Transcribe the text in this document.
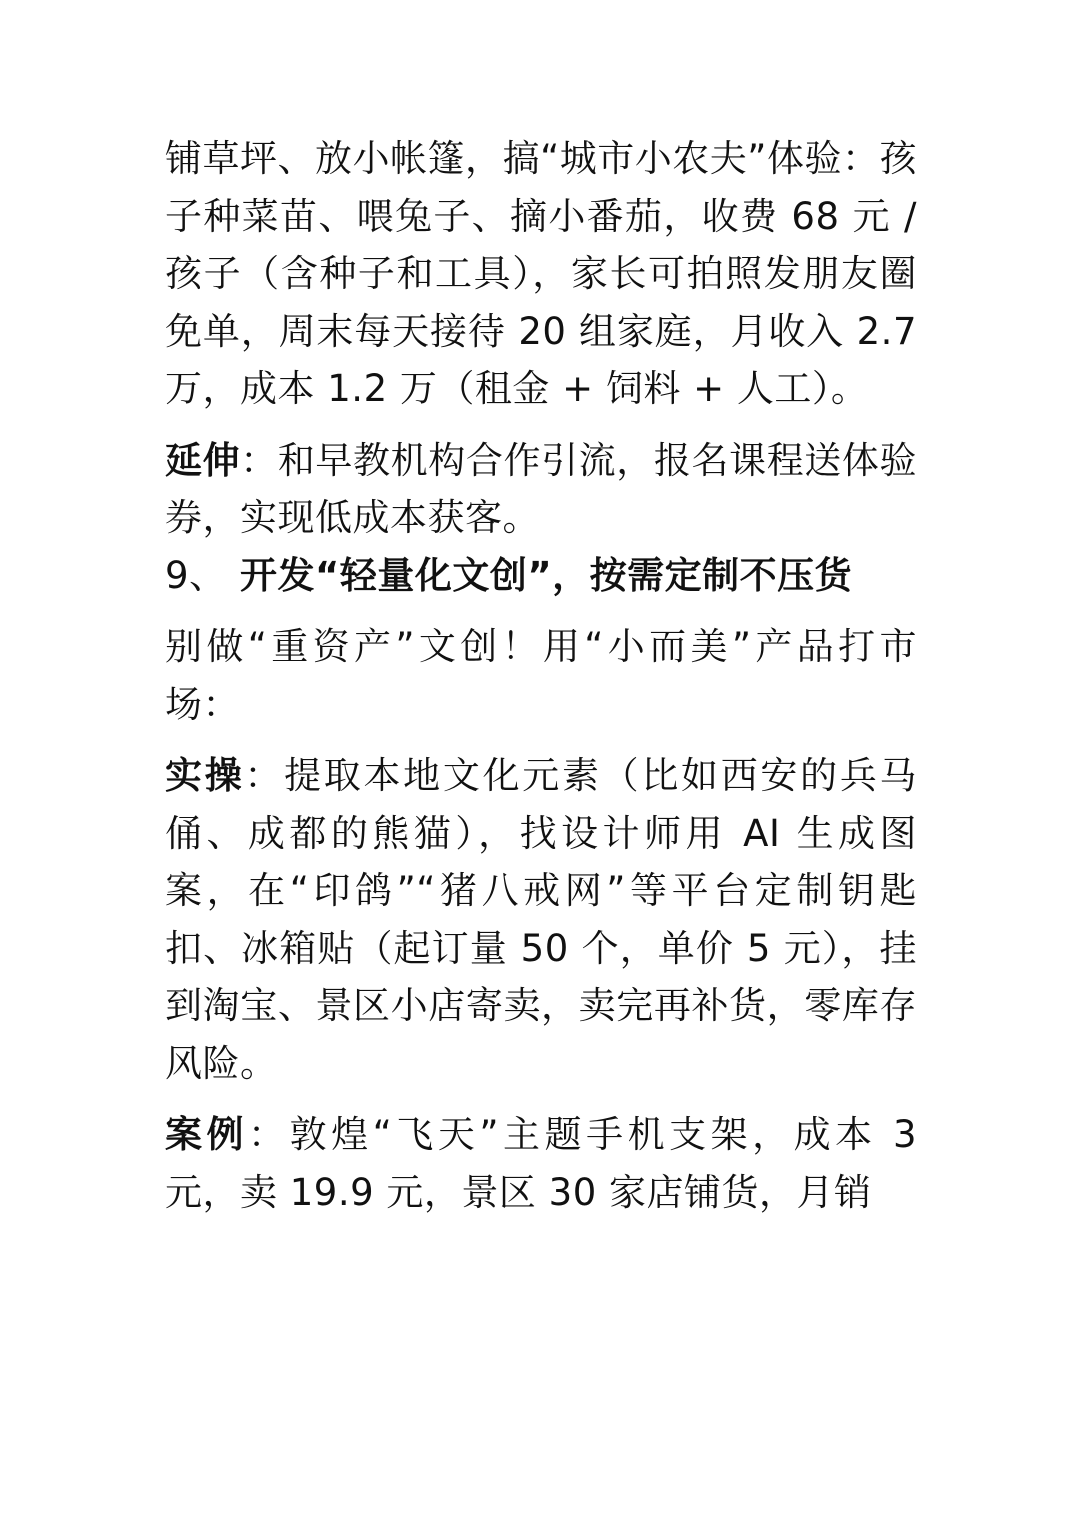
铺草坪、放小帐篷，搞“城市小农夫”体验：孩子种菜苗、喂兔子、摘小番茄，收费 68 元 / 孩子（含种子和工具），家长可拍照发朋友圈免单，周末每天接待 20 组家庭，月收入 2.7 万，成本 1.2 万（租金 + 饲料 + 人工）。

延伸：和早教机构合作引流，报名课程送体验券，实现低成本获客。

9、 开发“轻量化文创”，按需定制不压货

别做“重资产”文创！用“小而美”产品打市场：

实操：提取本地文化元素（比如西安的兵马俑、成都的熊猫），找设计师用 AI 生成图案，在“印鸽”“猪八戒网”等平台定制钥匙扣、冰箱贴（起订量 50 个，单价 5 元），挂到淘宝、景区小店寄卖，卖完再补货，零库存风险。

案例：敦煌“飞天”主题手机支架，成本 3 元，卖 19.9 元，景区 30 家店铺货，月销
